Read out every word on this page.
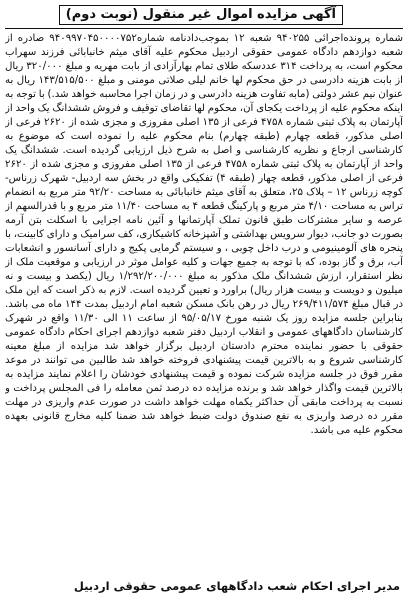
آگهی مزایده اموال غیر منقول (نوبت دوم)
شماره پرونده‌اجرائی ۹۴۰۲۵۵ شعبه ۱۲ بموجب‌دادنامه شماره۹۴۰۹۹۷۰۴۵۰۰۰۰۷۵۲ صادره از شعبه دوازدهم دادگاه عمومی حقوقی اردبیل محکوم علیه آقای میثم خانبابائی فرزند سهراب محکوم است، به پرداخت ۳۱۴ عددسکه طلای تمام بهارآزادی از بابت مهریه و مبلغ ۳۲۰/۰۰۰ ریال از بابت هزینه دادرسی در حق محکوم لها خانم لیلی صلاتی مومنی و مبلغ ۱۴۳/۵۱۵/۵۰۰ ریال به عنوان نیم عشر دولتی (مابه تفاوت هزینه دادرسی و در زمان اجرا محاسبه خواهد شد.) با توجه به اینکه محکوم علیه از پرداخت یکجای آن، محکوم لها تقاضای توقیف و فروش ششدانگ یک واحد از آپارتمان به پلاک ثبتی شماره ۴۷۵۸ فرعی از ۱۳۵ اصلی مفروزی و مجزی شده از ۲۶۲۰ فرعی از اصلی مذکور، قطعه چهارم (طبقه چهارم) بنام محکوم علیه را نموده است که موضوع به کارشناسی ارجاع و نظریه کارشناسی و اصل به شرح ذیل ارزیابی گردیده است. ششدانگ یک واحد از آپارتمان به پلاک ثبتی شماره ۴۷۵۸ فرعی از ۱۳۵ اصلی مفروزی و مجزی شده از ۲۶۲۰ فرعی از اصلی مذکور، قطعه چهار (طبقه ۴) تفکیکی واقع در بخش سه اردبیل- شهرک زرناس- کوچه زرناس ۱۲ – پلاک ۲۵، متعلق به آقای میثم خانبابائی به مساحت ۹۲/۲۰ متر مربع به انضمام تراس به مساحت ۴/۱۰ متر مربع و پارکینگ قطعه ۴ به مساحت ۱۱/۴۰ متر مربع و با قدرالسهم از عرصه و سایر مشترکات طبق قانون تملک آپارتمانها و آئین نامه اجرایی با اسکلت بتن آرمه بصورت دو جانب، دیوار سرویس بهداشتی و آشپزخانه کاشیکاری، کف سرامیک و دارای کابینت، با پنجره های آلومینیومی و درب داخل چوبی ، و سیستم گرمایی پکیج و دارای آسانسور و انشعابات آب، برق و گاز بوده، که با توجه به جمیع جهات و کلیه عوامل موثر در ارزیابی و موقعیت ملک از نظر استقرار، ارزش ششدانگ ملک مذکور به مبلغ ۱/۲۹۲/۲۰۰/۰۰۰ ریال (یکصد و بیست و نه میلیون و دویست و بیست هزار ریال) براورد و تعیین گردیده است. لازم به ذکر است که این ملک در قبال مبلغ ۲۶۹/۴۱۱/۵۷۴ ریال در رهن بانک مسکن شعبه امام اردبیل بمدت ۱۴۴ ماه می باشد. بنابراین جلسه مزایده روز یک شنبه مورخ ۹۵/۰۵/۱۷ از ساعت ۱۱ الی ۱۱/۳۰ واقع در شهرک کارشناسان دادگاههای عمومی و انقلاب اردبیل دفتر شعبه دوازدهم اجرای احکام دادگاه عمومی حقوقی با حضور نماینده محترم دادستان اردبیل برگزار خواهد شد مزایده از مبلغ معینه کارشناسی شروع و به بالاترین قیمت پیشنهادی فروخته خواهد شد طالبین می توانند در موعد مقرر فوق در جلسه مزایده شرکت نموده و قیمت پیشنهادی خودشان را اعلام نمایند مزایده به بالاترین قیمت واگذار خواهد شد و برنده مزایده ده درصد ثمن معامله را فی المجلس پرداخت و نسبت به پرداخت مابقی آن حداکثر یکماه مهلت خواهد داشت در صورت عدم واریزی در مهلت مقرر ده درصد واریزی به نفع صندوق دولت ضبط خواهد شد ضمنا کلیه مخارج قانونی بعهده محکوم علیه می باشد.
مدیر اجرای احکام شعب دادگاههای عمومی حقوقی اردبیل
